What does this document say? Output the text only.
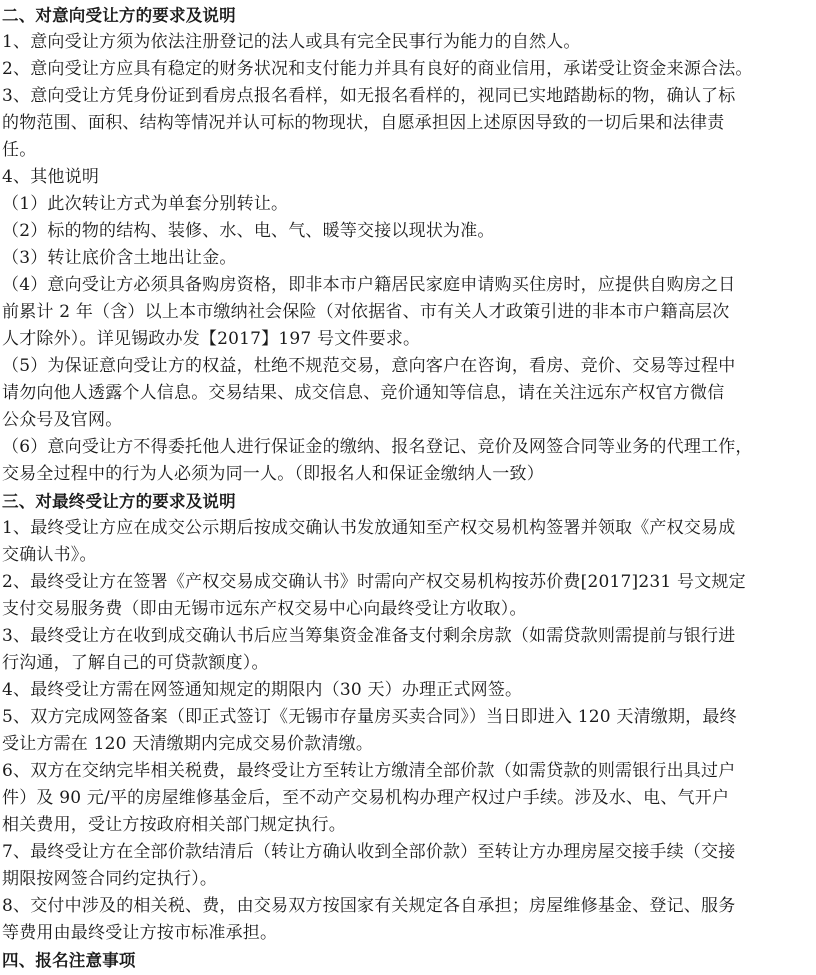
二、对意向受让方的要求及说明
1、意向受让方须为依法注册登记的法人或具有完全民事行为能力的自然人。
2、意向受让方应具有稳定的财务状况和支付能力并具有良好的商业信用，承诺受让资金来源合法。
3、意向受让方凭身份证到看房点报名看样，如无报名看样的，视同已实地踏勘标的物，确认了标
的物范围、面积、结构等情况并认可标的物现状，自愿承担因上述原因导致的一切后果和法律责
任。
4、其他说明
（1）此次转让方式为单套分别转让。
（2）标的物的结构、装修、水、电、气、暖等交接以现状为准。
（3）转让底价含土地出让金。
（4）意向受让方必须具备购房资格，即非本市户籍居民家庭申请购买住房时，应提供自购房之日
前累计 2 年（含）以上本市缴纳社会保险（对依据省、市有关人才政策引进的非本市户籍高层次
人才除外）。详见锡政办发【2017】197 号文件要求。
（5）为保证意向受让方的权益，杜绝不规范交易，意向客户在咨询，看房、竞价、交易等过程中
请勿向他人透露个人信息。交易结果、成交信息、竞价通知等信息，请在关注远东产权官方微信
公众号及官网。
（6）意向受让方不得委托他人进行保证金的缴纳、报名登记、竞价及网签合同等业务的代理工作，
交易全过程中的行为人必须为同一人。（即报名人和保证金缴纳人一致）
三、对最终受让方的要求及说明
1、最终受让方应在成交公示期后按成交确认书发放通知至产权交易机构签署并领取《产权交易成
交确认书》。
2、最终受让方在签署《产权交易成交确认书》时需向产权交易机构按苏价费[2017]231 号文规定
支付交易服务费（即由无锡市远东产权交易中心向最终受让方收取）。
3、最终受让方在收到成交确认书后应当筹集资金准备支付剩余房款（如需贷款则需提前与银行进
行沟通，了解自己的可贷款额度）。
4、最终受让方需在网签通知规定的期限内（30 天）办理正式网签。
5、双方完成网签备案（即正式签订《无锡市存量房买卖合同》）当日即进入 120 天清缴期，最终
受让方需在 120 天清缴期内完成交易价款清缴。
6、双方在交纳完毕相关税费，最终受让方至转让方缴清全部价款（如需贷款的则需银行出具过户
件）及 90 元/平的房屋维修基金后，至不动产交易机构办理产权过户手续。涉及水、电、气开户
相关费用，受让方按政府相关部门规定执行。
7、最终受让方在全部价款结清后（转让方确认收到全部价款）至转让方办理房屋交接手续（交接
期限按网签合同约定执行）。
8、交付中涉及的相关税、费，由交易双方按国家有关规定各自承担；房屋维修基金、登记、服务
等费用由最终受让方按市标准承担。
四、报名注意事项
